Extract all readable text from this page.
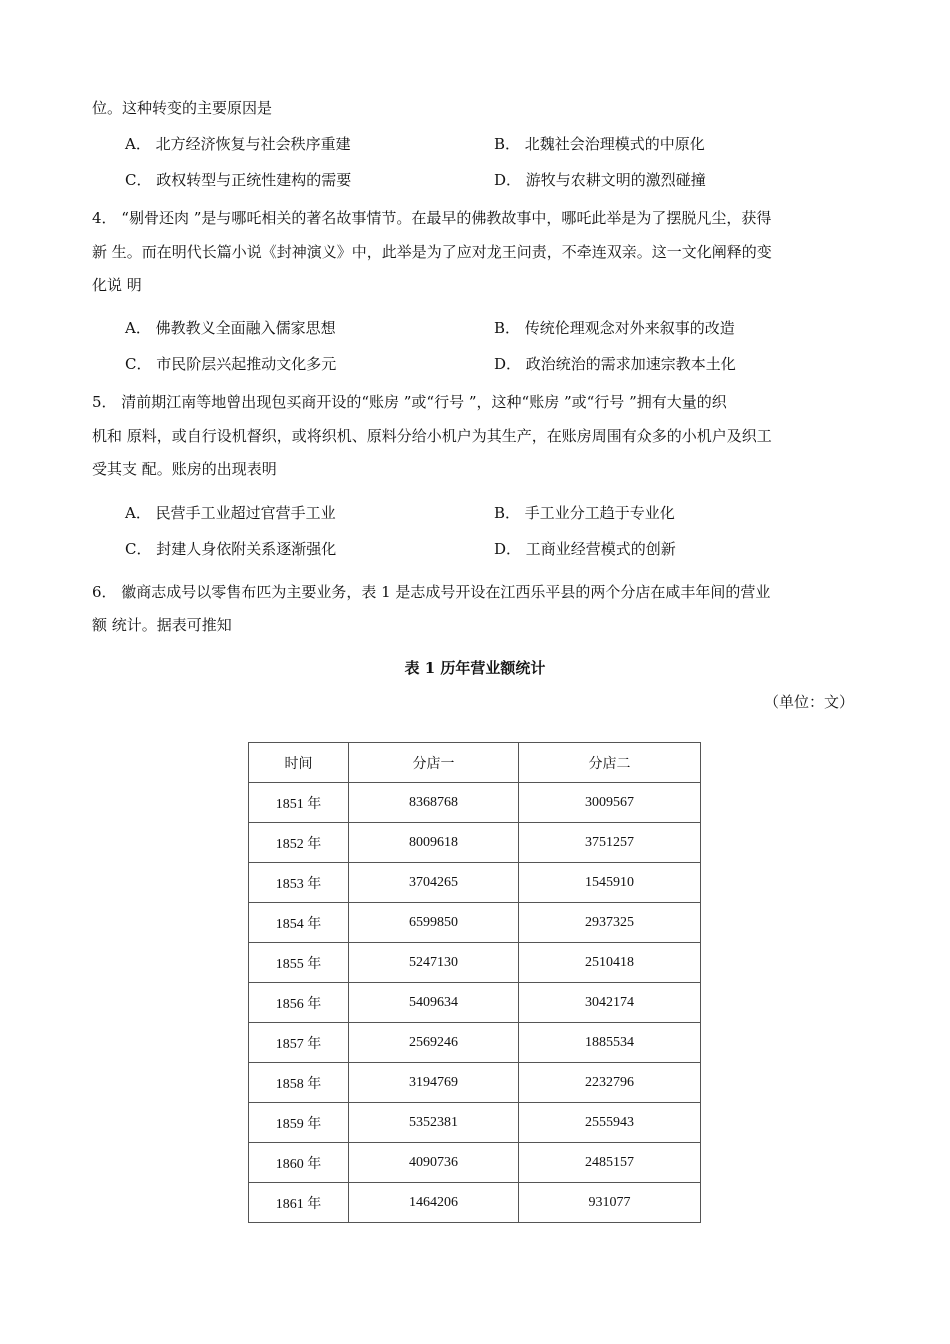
位。这种转变的主要原因是
A． 北方经济恢复与社会秩序重建	B． 北魏社会治理模式的中原化
C． 政权转型与正统性建构的需要	D． 游牧与农耕文明的激烈碰撞
4． “剔骨还肉 ”是与哪吒相关的著名故事情节。在最早的佛教故事中，哪吒此举是为了摆脱凡尘，获得
新 生。而在明代长篇小说《封神演义》中，此举是为了应对龙王问责，不牵连双亲。这一文化阐释的变
化说 明
A． 佛教教义全面融入儒家思想	B． 传统伦理观念对外来叙事的改造
C． 市民阶层兴起推动文化多元	D． 政治统治的需求加速宗教本土化
5． 清前期江南等地曾出现包买商开设的“账房 ”或“行号 ”，这种“账房 ”或“行号 ”拥有大量的织
机和 原料，或自行设机督织，或将织机、原料分给小机户为其生产，在账房周围有众多的小机户及织工
受其支 配。账房的出现表明
A． 民营手工业超过官营手工业	B． 手工业分工趋于专业化
C． 封建人身依附关系逐渐强化	D． 工商业经营模式的创新
6． 徽商志成号以零售布匹为主要业务，表 1 是志成号开设在江西乐平县的两个分店在咸丰年间的营业
额 统计。据表可推知
表 1 历年营业额统计
（单位：文）
时间	分店一	分店二
1851 年	8368768	3009567
1852 年	8009618	3751257
1853 年	3704265	1545910
1854 年	6599850	2937325
1855 年	5247130	2510418
1856 年	5409634	3042174
1857 年	2569246	1885534
1858 年	3194769	2232796
1859 年	5352381	2555943
1860 年	4090736	2485157
1861 年	1464206	931077
